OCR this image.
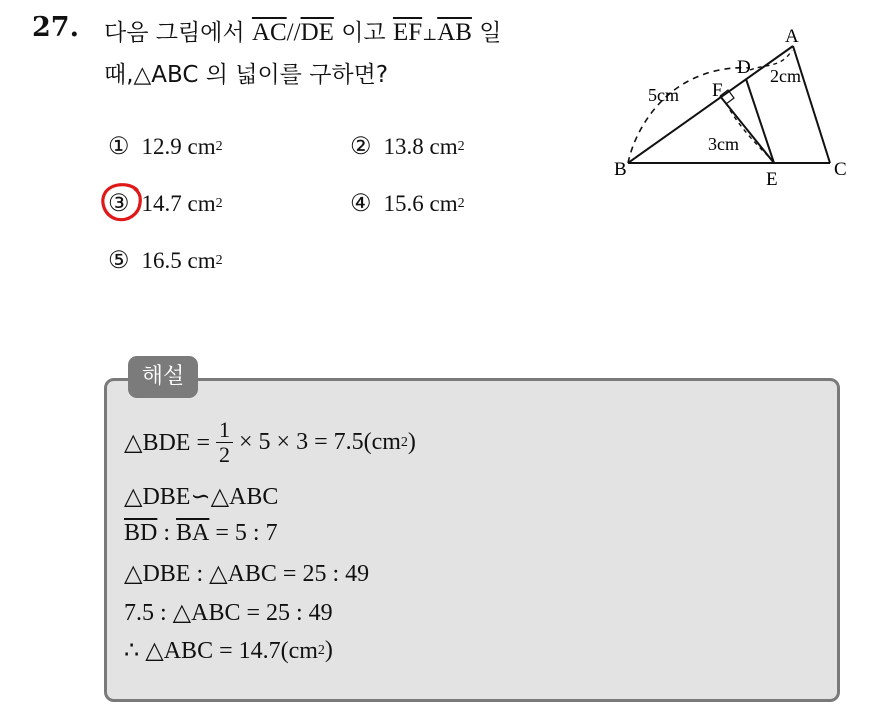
27. 다음 그림에서 $\overline{AC}//\overline{DE}$ 이고 $\overline{EF}\perp\overline{AB}$ 일
때,△ABC 의 넓이를 구하면?
① 12.9
cm 2	② 13.8
cm 2
③ 14.7
cm 2	④ 15.6
cm 2
⑤ 16.5
cm 2
A
B	C
D
E
F
5cm
2cm
3cm
해설
△BDE = $\frac{1}{2} \times 5 \times 3 = 7.5(cm$ 2 )
△DBE∽△ABC
$\overline{BD}$ : $\overline{BA} = 5$ : 7
△DBE : △ABC = 25 : 49
7.5 : △ABC = 25 : 49
∴ △ABC = 14.7(cm 2 )
